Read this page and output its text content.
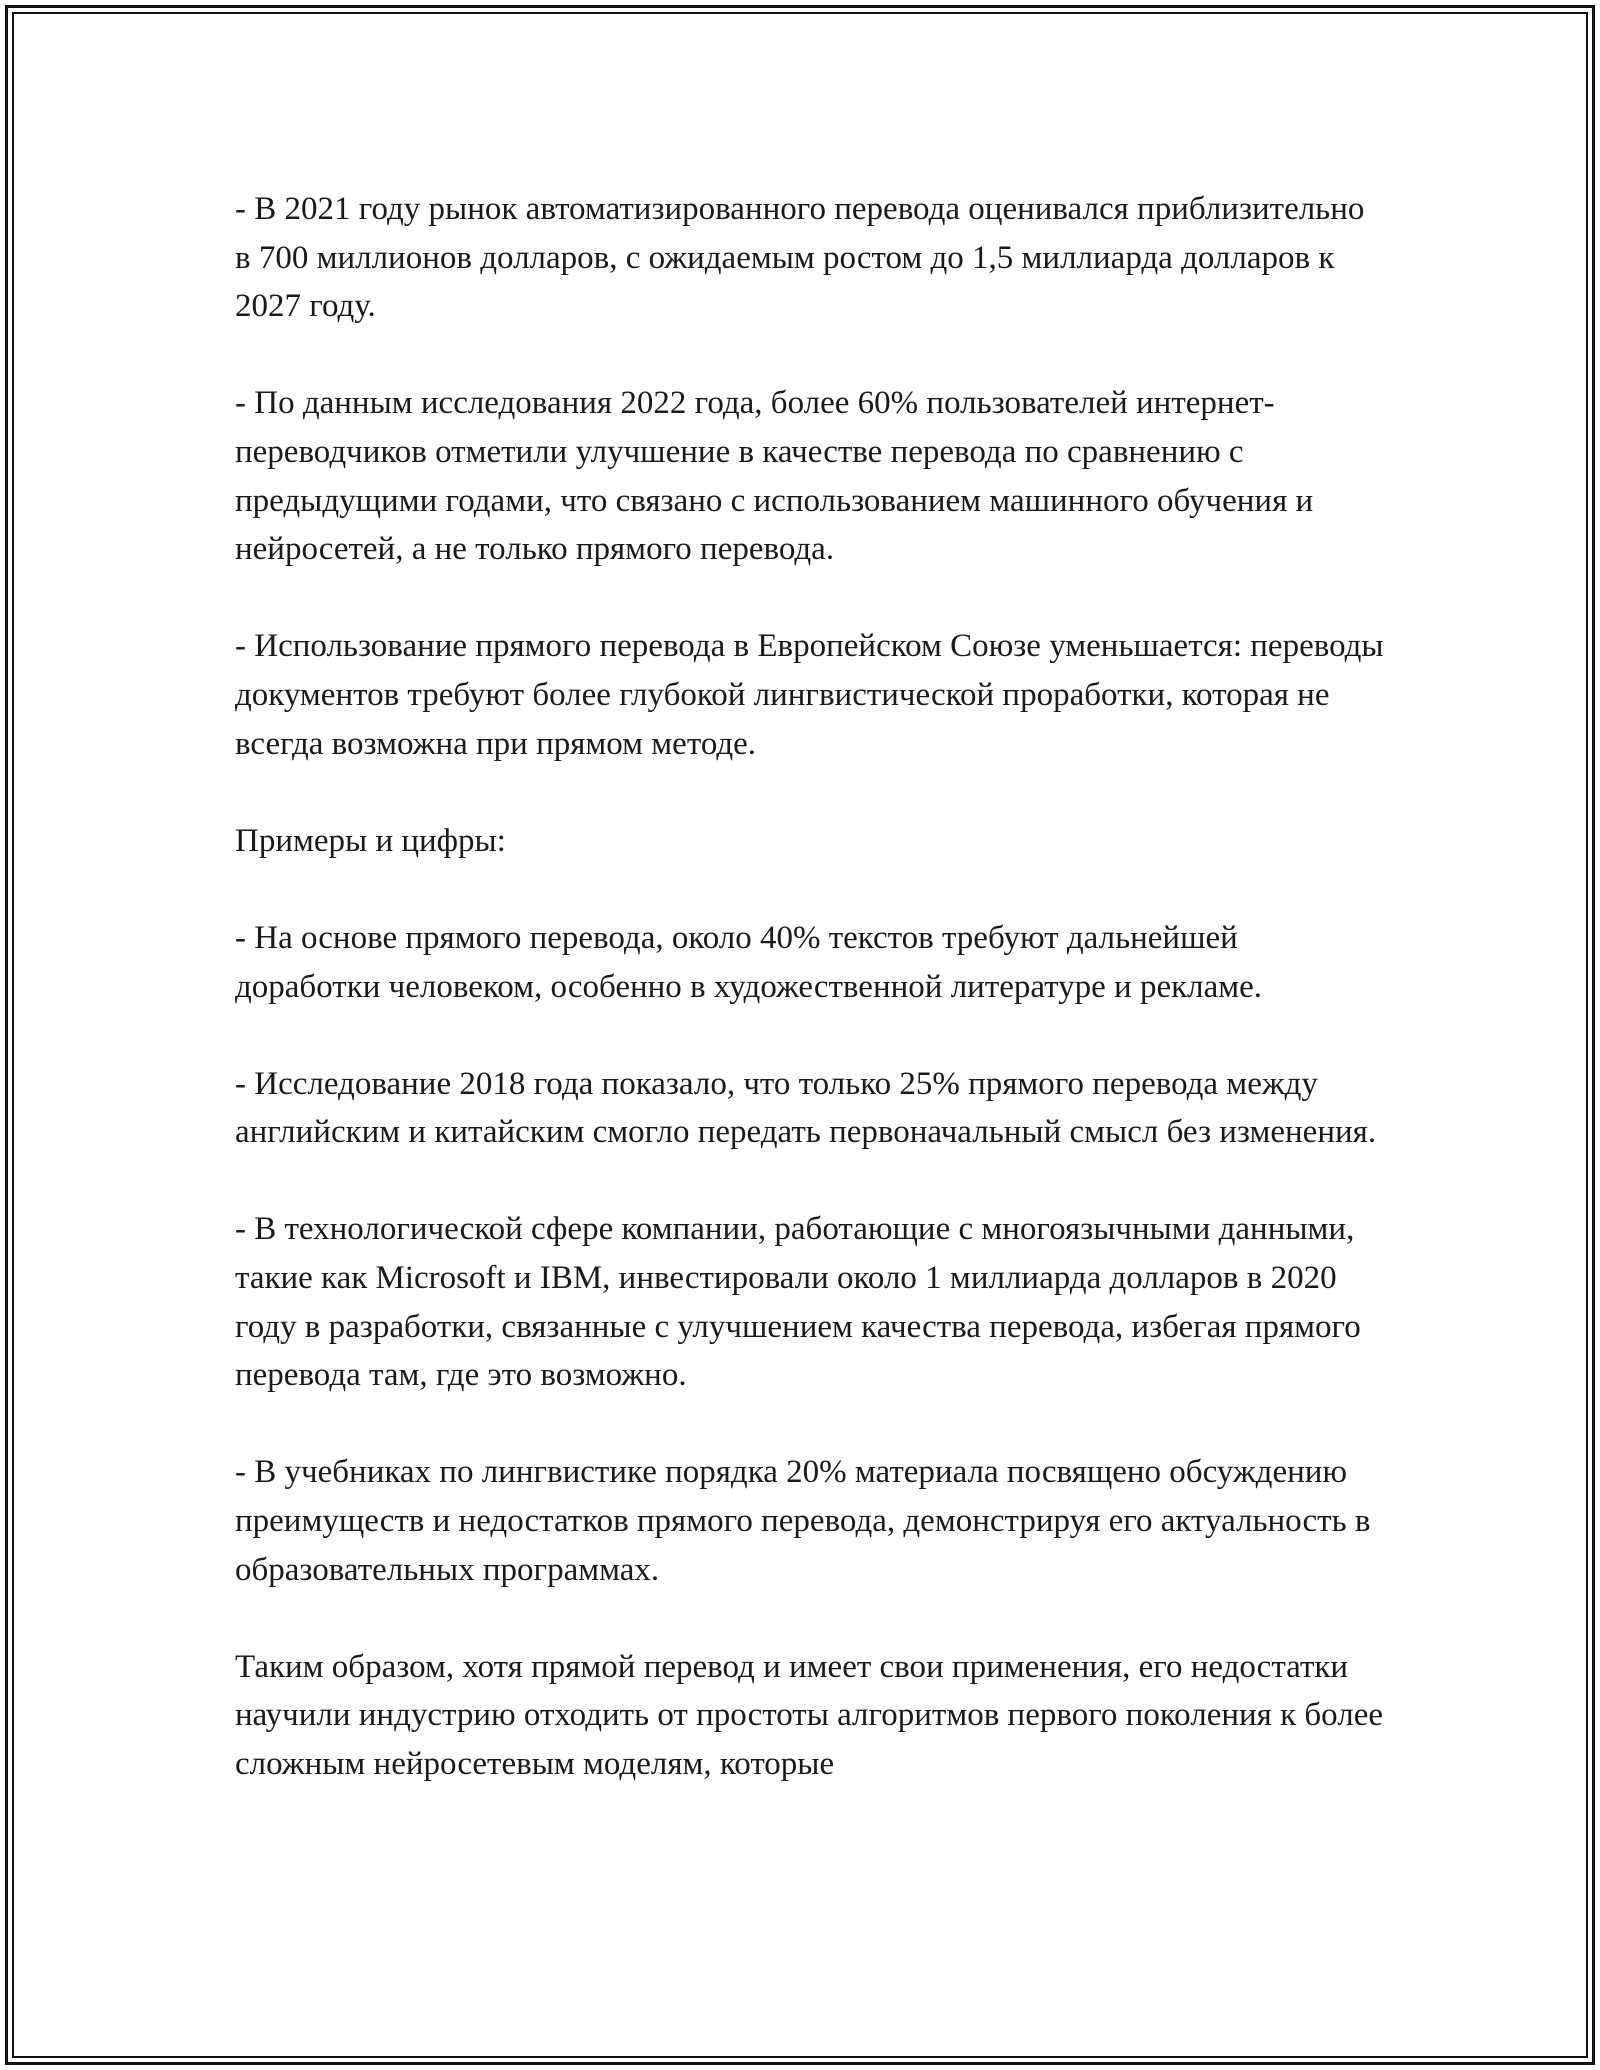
- В 2021 году рынок автоматизированного перевода оценивался приблизительно в 700 миллионов долларов, с ожидаемым ростом до 1,5 миллиарда долларов к 2027 году.

- По данным исследования 2022 года, более 60% пользователей интернет-переводчиков отметили улучшение в качестве перевода по сравнению с предыдущими годами, что связано с использованием машинного обучения и нейросетей, а не только прямого перевода.

- Использование прямого перевода в Европейском Союзе уменьшается: переводы документов требуют более глубокой лингвистической проработки, которая не всегда возможна при прямом методе.

Примеры и цифры:

- На основе прямого перевода, около 40% текстов требуют дальнейшей доработки человеком, особенно в художественной литературе и рекламе.

- Исследование 2018 года показало, что только 25% прямого перевода между английским и китайским смогло передать первоначальный смысл без изменения.

- В технологической сфере компании, работающие с многоязычными данными, такие как Microsoft и IBM, инвестировали около 1 миллиарда долларов в 2020 году в разработки, связанные с улучшением качества перевода, избегая прямого перевода там, где это возможно.

- В учебниках по лингвистике порядка 20% материала посвящено обсуждению преимуществ и недостатков прямого перевода, демонстрируя его актуальность в образовательных программах.

Таким образом, хотя прямой перевод и имеет свои применения, его недостатки научили индустрию отходить от простоты алгоритмов первого поколения к более сложным нейросетевым моделям, которые
